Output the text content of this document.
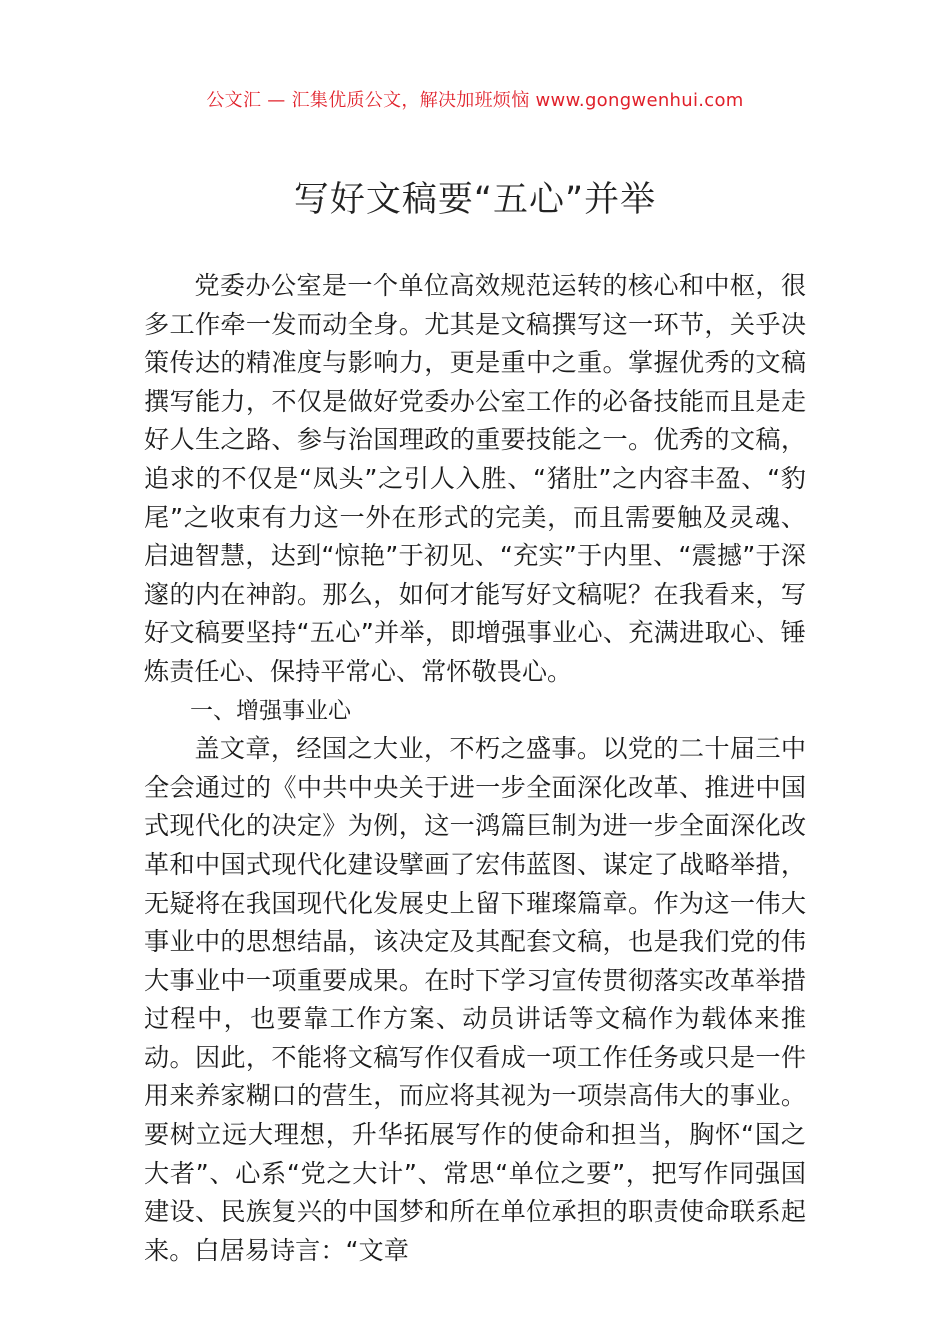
公文汇 — 汇集优质公文，解决加班烦恼 www.gongwenhui.com
写好文稿要“五心”并举

党委办公室是一个单位高效规范运转的核心和中枢，很多工作牵一发而动全身。尤其是文稿撰写这一环节，关乎决策传达的精准度与影响力，更是重中之重。掌握优秀的文稿撰写能力，不仅是做好党委办公室工作的必备技能而且是走好人生之路、参与治国理政的重要技能之一。优秀的文稿，追求的不仅是“凤头”之引人入胜、“猪肚”之内容丰盈、“豹尾”之收束有力这一外在形式的完美，而且需要触及灵魂、启迪智慧，达到“惊艳”于初见、“充实”于内里、“震撼”于深邃的内在神韵。那么，如何才能写好文稿呢？在我看来，写好文稿要坚持“五心”并举，即增强事业心、充满进取心、锤炼责任心、保持平常心、常怀敬畏心。

一、增强事业心

盖文章，经国之大业，不朽之盛事。以党的二十届三中全会通过的《中共中央关于进一步全面深化改革、推进中国式现代化的决定》为例，这一鸿篇巨制为进一步全面深化改革和中国式现代化建设擘画了宏伟蓝图、谋定了战略举措，无疑将在我国现代化发展史上留下璀璨篇章。作为这一伟大事业中的思想结晶，该决定及其配套文稿，也是我们党的伟大事业中一项重要成果。在时下学习宣传贯彻落实改革举措过程中，也要靠工作方案、动员讲话等文稿作为载体来推动。因此，不能将文稿写作仅看成一项工作任务或只是一件用来养家糊口的营生，而应将其视为一项崇高伟大的事业。要树立远大理想，升华拓展写作的使命和担当，胸怀“国之大者”、心系“党之大计”、常思“单位之要”，把写作同强国建设、民族复兴的中国梦和所在单位承担的职责使命联系起来。白居易诗言：“文章
